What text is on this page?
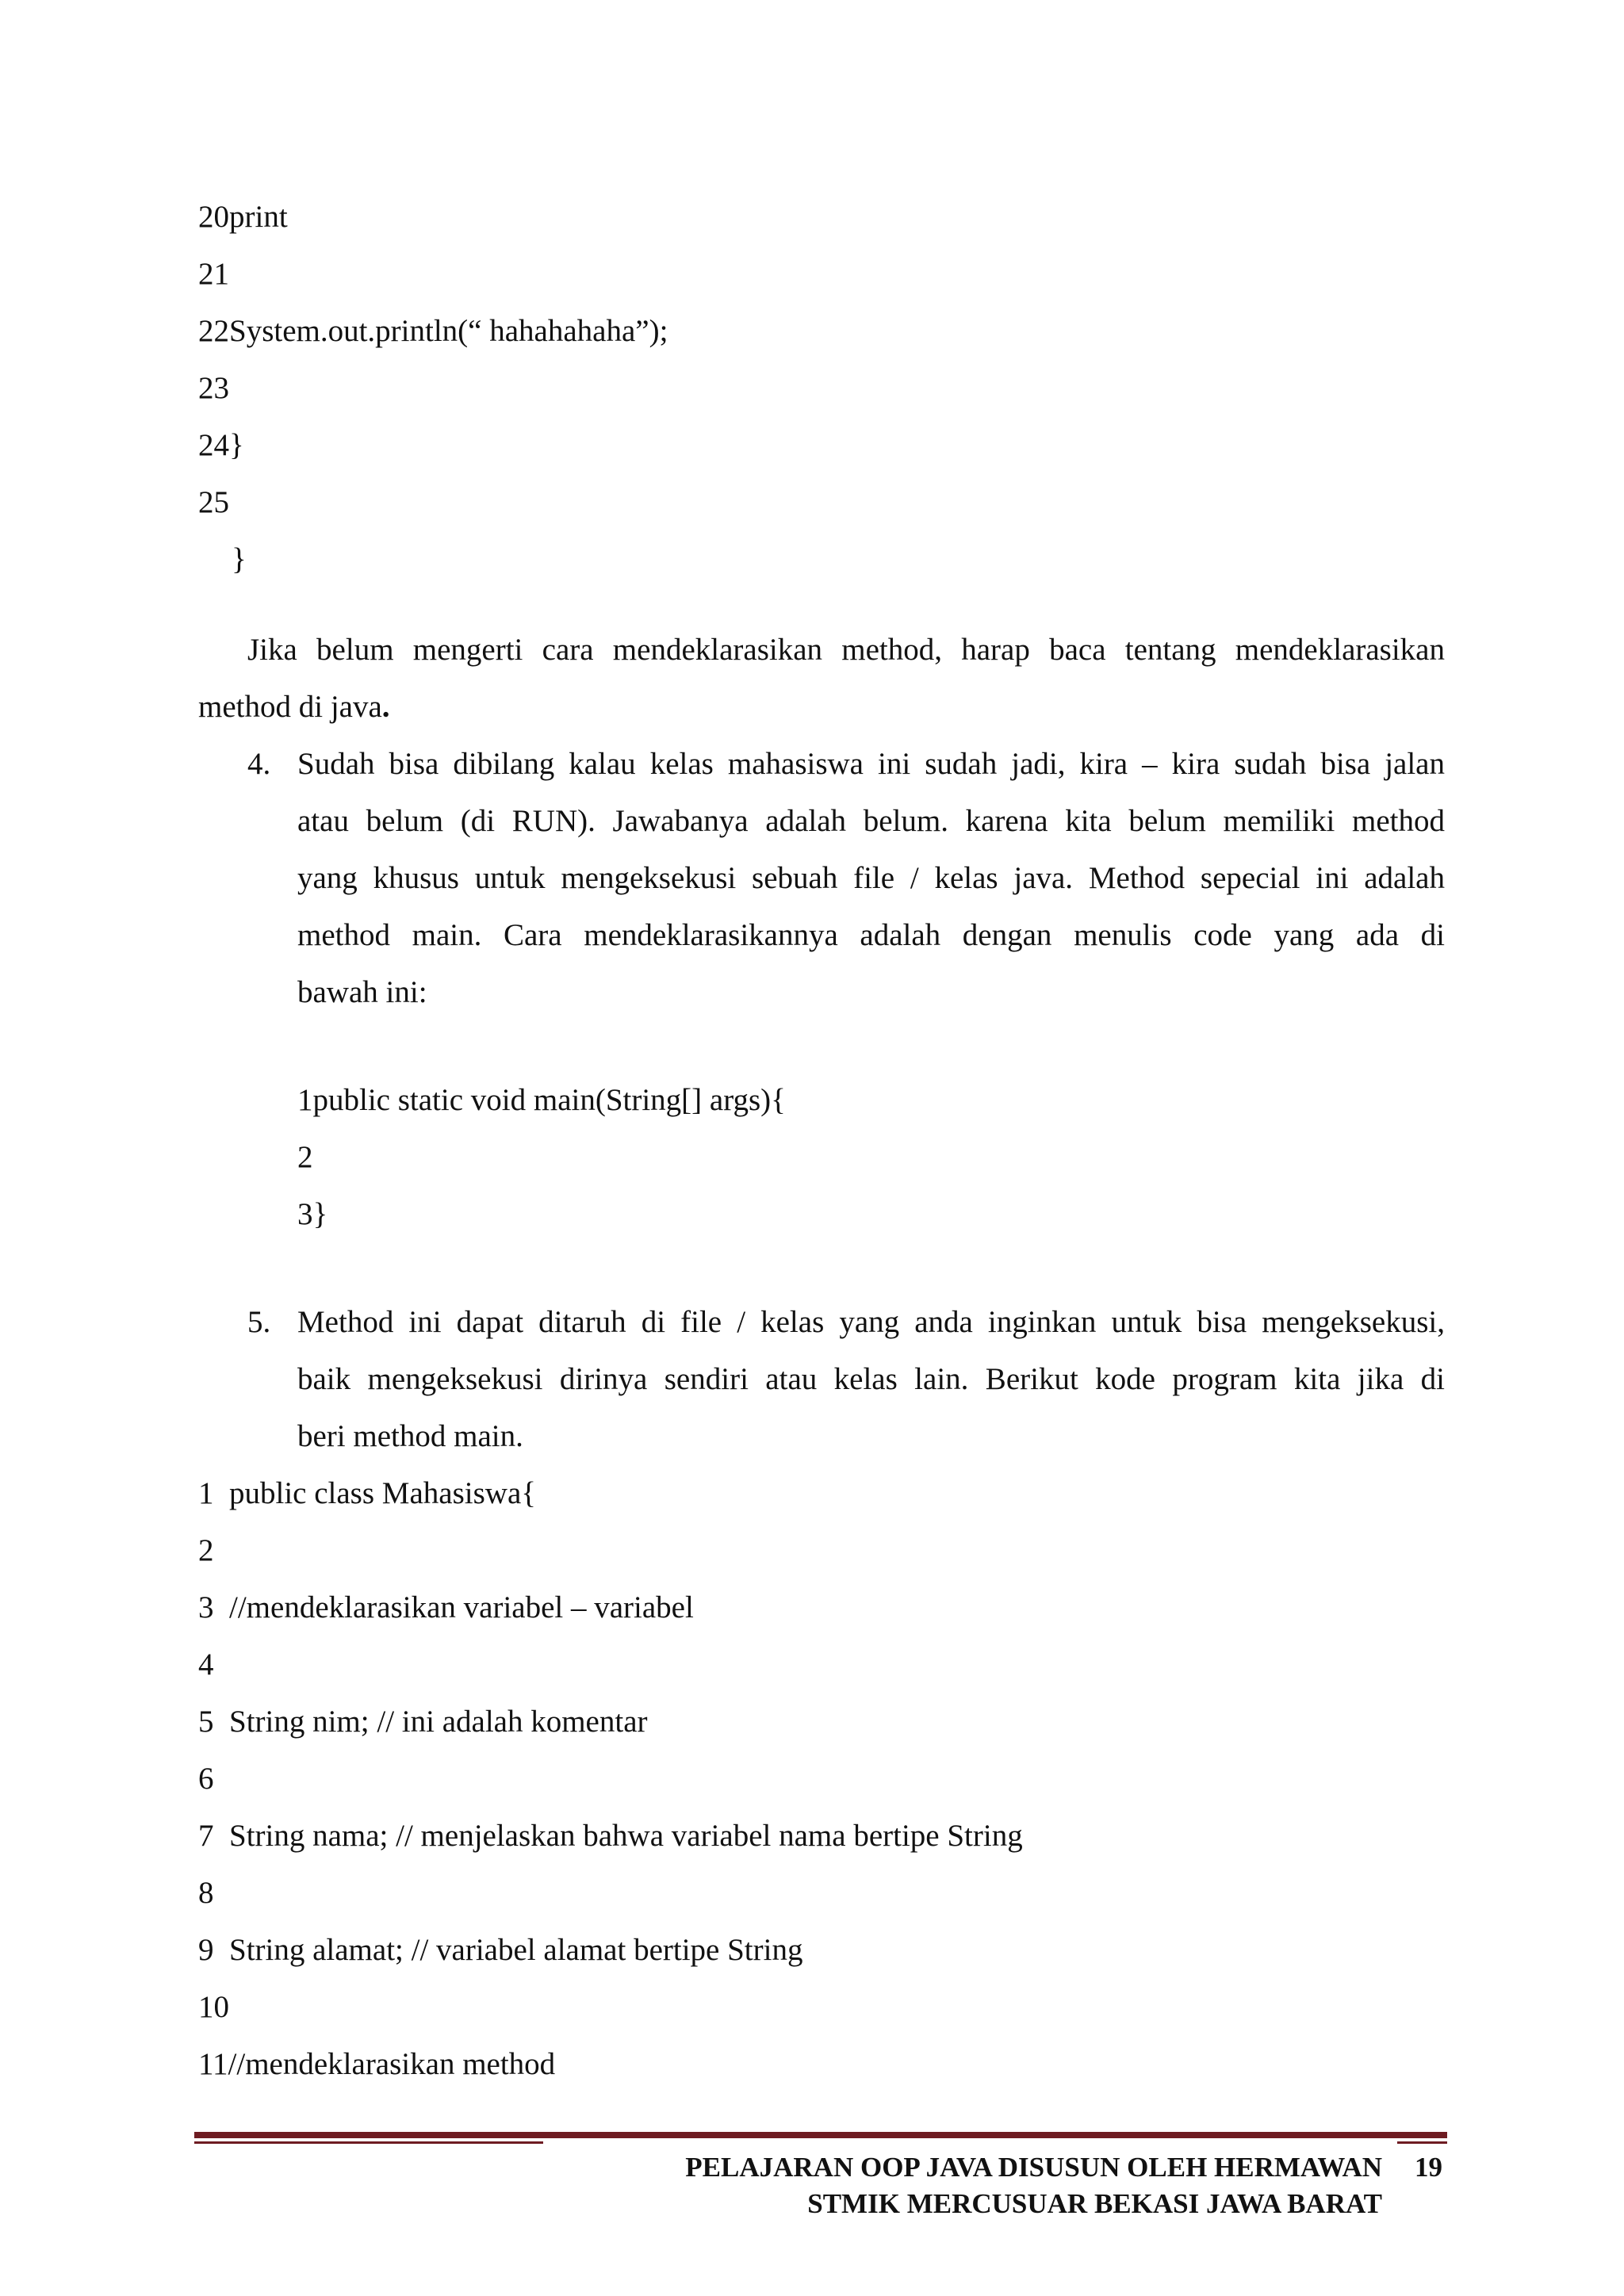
20print
21
22System.out.println(“ hahahahaha”);
23
24}
25
}
Jika belum mengerti cara mendeklarasikan method, harap baca tentang mendeklarasikan
method di java.
4. Sudah bisa dibilang kalau kelas mahasiswa ini sudah jadi, kira – kira sudah bisa jalan
atau belum (di RUN). Jawabanya adalah belum. karena kita belum memiliki method
yang khusus untuk mengeksekusi sebuah file / kelas java. Method sepecial ini adalah
method main. Cara mendeklarasikannya adalah dengan menulis code yang ada di
bawah ini:
1public static void main(String[] args){
2
3}
5. Method ini dapat ditaruh di file / kelas yang anda inginkan untuk bisa mengeksekusi,
baik mengeksekusi dirinya sendiri atau kelas lain. Berikut kode program kita jika di
beri method main.
1  public class Mahasiswa{
2
3  //mendeklarasikan variabel – variabel
4
5  String nim; // ini adalah komentar
6
7  String nama; // menjelaskan bahwa variabel nama bertipe String
8
9  String alamat; // variabel alamat bertipe String
10
11//mendeklarasikan method
PELAJARAN OOP JAVA DISUSUN OLEH HERMAWAN
STMIK MERCUSUAR BEKASI JAWA BARAT
19
